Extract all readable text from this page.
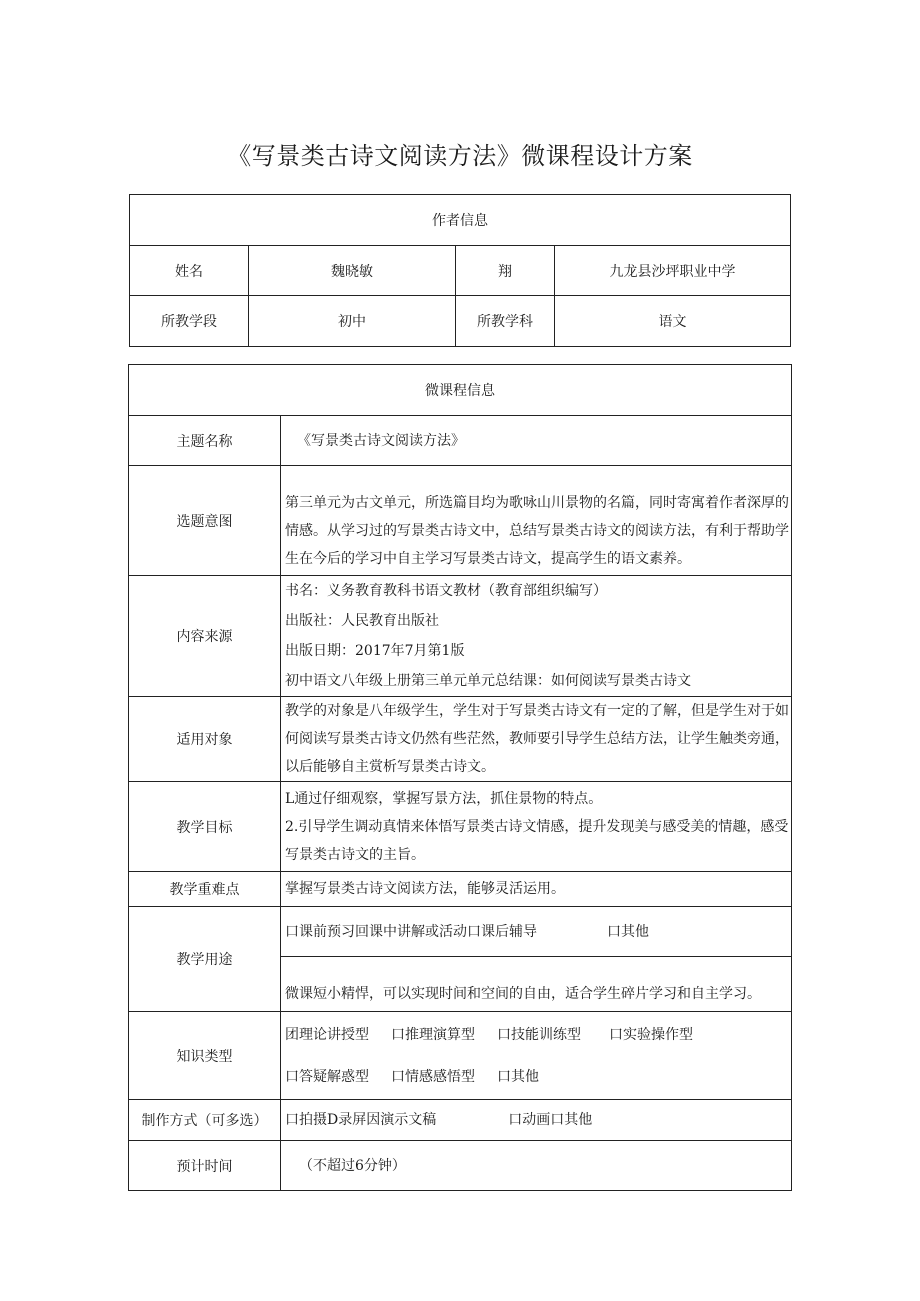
《写景类古诗文阅读方法》微课程设计方案
作者信息			
姓名	魏晓敏	翔	九龙县沙坪职业中学
所教学段	初中	所教学科	语文
微课程信息	
主题名称	《写景类古诗文阅读方法》

选题意图	第三单元为古文单元，所选篇目均为歌咏山川景物的名篇，同时寄寓着作者深厚的情感。从学习过的写景类古诗文中，总结写景类古诗文的阅读方法，有利于帮助学生在今后的学习中自主学习写景类古诗文，提高学生的语文素养。

内容来源	书名：义务教育教科书语文教材（教育部组织编写）
出版社：人民教育出版社
出版日期：2017年7月第1版
初中语文八年级上册第三单元单元总结课：如何阅读写景类古诗文

适用对象	教学的对象是八年级学生，学生对于写景类古诗文有一定的了解，但是学生对于如何阅读写景类古诗文仍然有些茫然，教师要引导学生总结方法，让学生触类旁通，以后能够自主赏析写景类古诗文。

教学目标	L通过仔细观察，掌握写景方法，抓住景物的特点。
2.引导学生调动真情来体悟写景类古诗文情感，提升发现美与感受美的情趣，感受写景类古诗文的主旨。

教学重难点	掌握写景类古诗文阅读方法，能够灵活运用。

教学用途	口课前预习回课中讲解或活动口课后辅导 口其他

	微课短小精悍，可以实现时间和空间的自由，适合学生碎片学习和自主学习。

知识类型	团理论讲授型 口推理演算型 口技能训练型 口实验操作型
口答疑解惑型 口情感感悟型 口其他

制作方式（可多选）	口拍摄D录屏因演示文稿 口动画口其他

预计时间	（不超过6分钟）
